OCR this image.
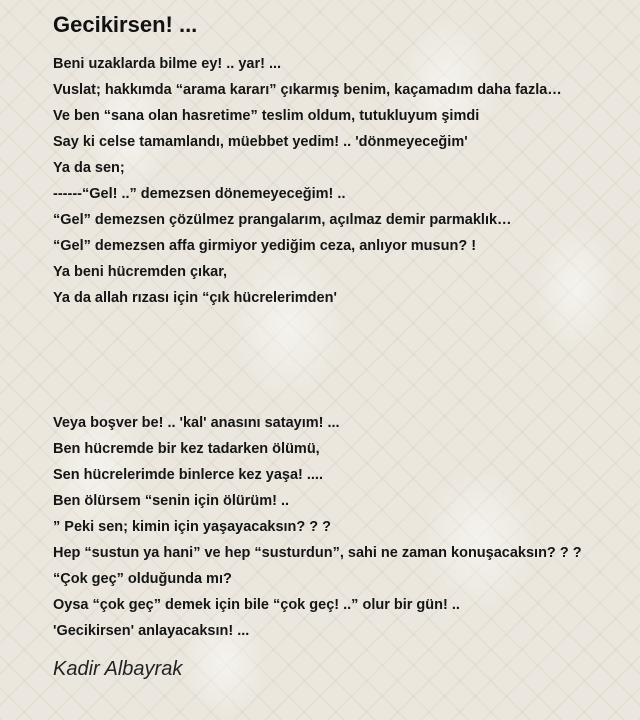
Gecikirsen! ...
Beni uzaklarda bilme ey! .. yar! ...
Vuslat; hakkımda “arama kararı” çıkarmış benim, kaçamadım daha fazla…
Ve ben “sana olan hasretime” teslim oldum, tutukluyum şimdi
Say ki celse tamamlandı, müebbet yedim! .. 'dönmeyeceğim'
Ya da sen;
------“Gel! ..” demezsen dönemeyeceğim! ..
“Gel” demezsen çözülmez prangalarım, açılmaz demir parmaklık…
“Gel” demezsen affa girmiyor yediğim ceza, anlıyor musun? !
Ya beni hücremden çıkar,
Ya da allah rızası için “çık hücrelerimden'
Veya boşver be! .. 'kal' anasını satayım! ...
Ben hücremde bir kez tadarken ölümü,
Sen hücrelerimde binlerce kez yaşa! ....
Ben ölürsem “senin için ölürüm! ..
” Peki sen; kimin için yaşayacaksın? ? ?
Hep “sustun ya hani” ve hep “susturdun”, sahi ne zaman konuşacaksın? ? ?
“Çok geç” olduğunda mı?
Oysa “çok geç” demek için bile “çok geç! ..” olur bir gün! ..
'Gecikirsen' anlayacaksın! ...

Kadir Albayrak
